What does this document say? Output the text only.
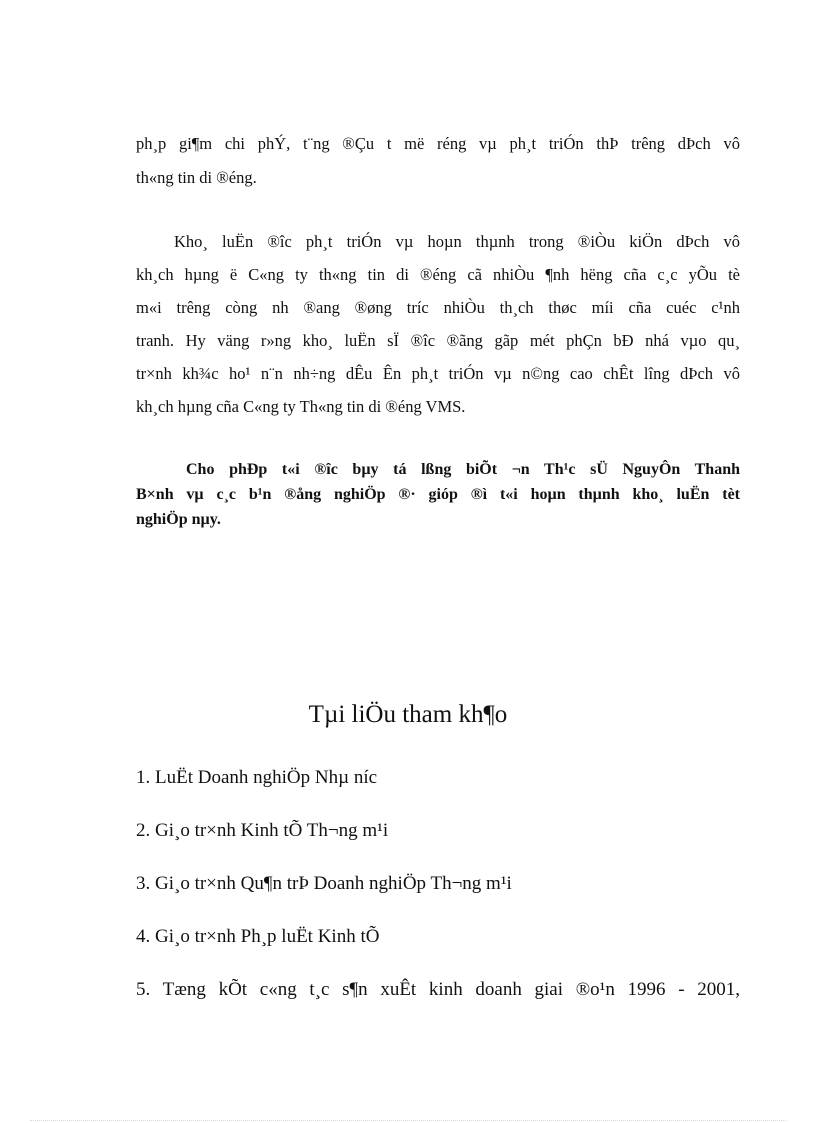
ph¸p gi¶m chi phÝ, t¨ng ®Çu t më réng vµ ph¸t triÓn thÞ trêng dÞch vô
th«ng tin di ®éng.
Kho¸ luËn ®îc ph¸t triÓn vµ hoµn thµnh trong ®iÒu kiÖn dÞch vô
kh¸ch hµng ë C«ng ty th«ng tin di ®éng cã nhiÒu ¶nh hëng cña c¸c yÕu tè
m«i trêng còng nh ®ang ®øng tríc nhiÒu th¸ch thøc míi cña cuéc c¹nh
tranh. Hy väng r»ng kho¸ luËn sÏ ®îc ®ãng gãp mét phÇn bÐ nhá vµo qu¸
tr×nh kh¾c ho¹ n¨n nh÷ng dÊu Ên ph¸t triÓn vµ n©ng cao chÊt lîng dÞch vô
kh¸ch hµng cña C«ng ty Th«ng tin di ®éng VMS.
Cho phÐp t«i ®îc bµy tá lßng biÕt ¬n Th¹c sÜ NguyÔn Thanh
B×nh vµ c¸c b¹n ®ång nghiÖp ®· gióp ®ì t«i hoµn thµnh kho¸ luËn tèt
nghiÖp nµy.
Tµi liÖu tham kh¶o
1. LuËt Doanh nghiÖp Nhµ níc
2. Gi¸o tr×nh Kinh tÕ Th¬ng m¹i
3. Gi¸o tr×nh Qu¶n trÞ Doanh nghiÖp Th¬ng m¹i
4. Gi¸o tr×nh Ph¸p luËt Kinh tÕ
5. Tæng kÕt c«ng t¸c s¶n xuÊt kinh doanh giai ®o¹n 1996 - 2001,
